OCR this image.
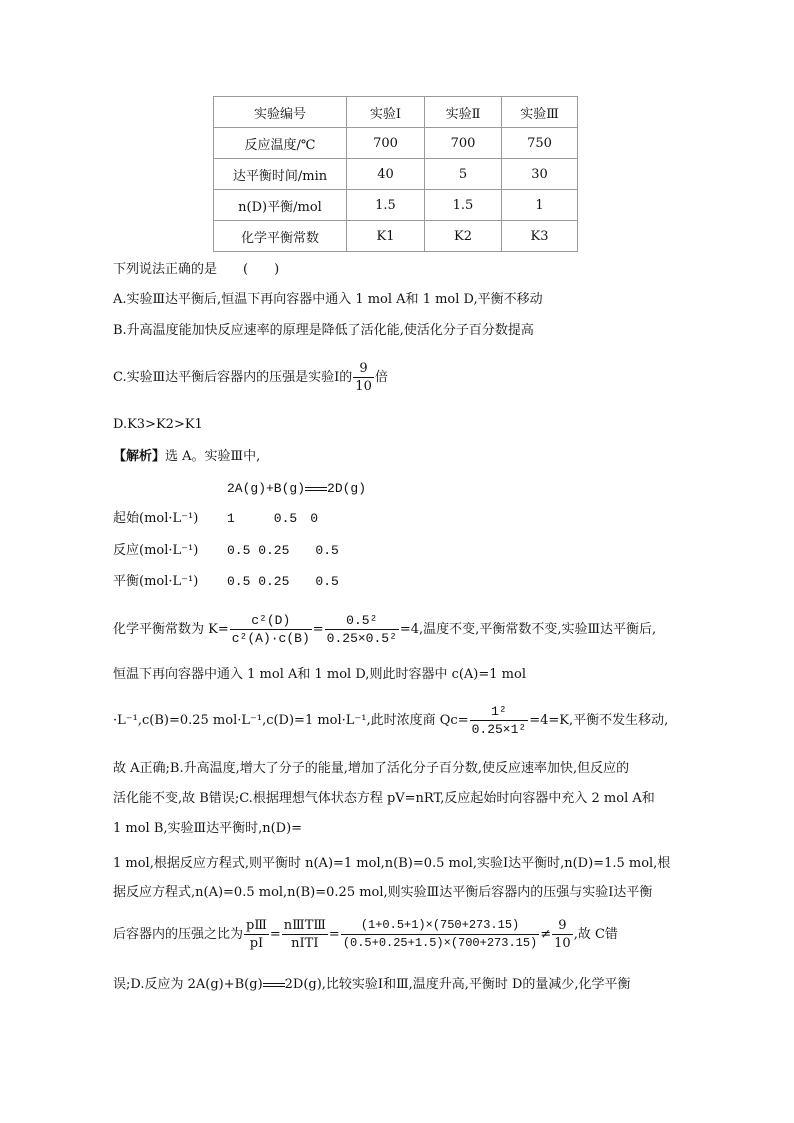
实验编号	实验Ⅰ	实验Ⅱ	实验Ⅲ
反应温度/℃	700	700	750
达平衡时间/min	40	5	30
n(D)平衡/mol	1.5	1.5	1
化学平衡常数	K1	K2	K3
下列说法正确的是　　(　　)
A.实验Ⅲ达平衡后,恒温下再向容器中通入 1 mol A和 1 mol D,平衡不移动
B.升高温度能加快反应速率的原理是降低了活化能,使活化分子百分数提高
C.实验Ⅲ达平衡后容器内的压强是实验Ⅰ的 $\frac{9}{10}$ 倍
D.K3>K2>K1
【解析】选 A。实验Ⅲ中,
2A(g)+B(g) 2D(g)
起始(mol·L⁻¹) 1　　　0.5　0
反应(mol·L⁻¹) 0.5 0.25　　0.5
平衡(mol·L⁻¹) 0.5 0.25　　0.5
化学平衡常数为 $K= \frac{\text{c²(D)}}{\text{c²(A)·c(B)}} = \frac{\text{0.5²}}{\text{0.25×0.5²}} =4$,温度不变,平衡常数不变,实验Ⅲ达平衡后,
恒温下再向容器中通入 1 mol A和 1 mol D,则此时容器中 c(A)=1 mol
·L⁻¹,c(B)=0.25 mol·L⁻¹,c(D)=1 mol·L⁻¹,此时浓度商 $Qc= \frac{\text{1²}}{\text{0.25×1²}} =4=K$,平衡不发生移动,
故 A正确;B.升高温度,增大了分子的能量,增加了活化分子百分数,使反应速率加快,但反应的
活化能不变,故 B错误;C.根据理想气体状态方程 pV=nRT,反应起始时向容器中充入 2 mol A和
1 mol B,实验Ⅲ达平衡时,n(D)=
1 mol,根据反应方程式,则平衡时 n(A)=1 mol,n(B)=0.5 mol,实验Ⅰ达平衡时,n(D)=1.5 mol,根
据反应方程式,n(A)=0.5 mol,n(B)=0.25 mol,则实验Ⅲ达平衡后容器内的压强与实验Ⅰ达平衡
后容器内的压强之比为 $\frac{\text{pⅢ}}{\text{pⅠ}} = \frac{\text{nⅢTⅢ}}{\text{nⅠTⅠ}} = \frac{(1+0.5+1)\times(750+273.15)}{(0.5+0.25+1.5)\times(700+273.15)} \ne \frac{9}{10}$ ,故 C错
误;D.反应为 2A(g)+B(g) 2D(g),比较实验Ⅰ和Ⅲ,温度升高,平衡时 D的量减少,化学平衡
